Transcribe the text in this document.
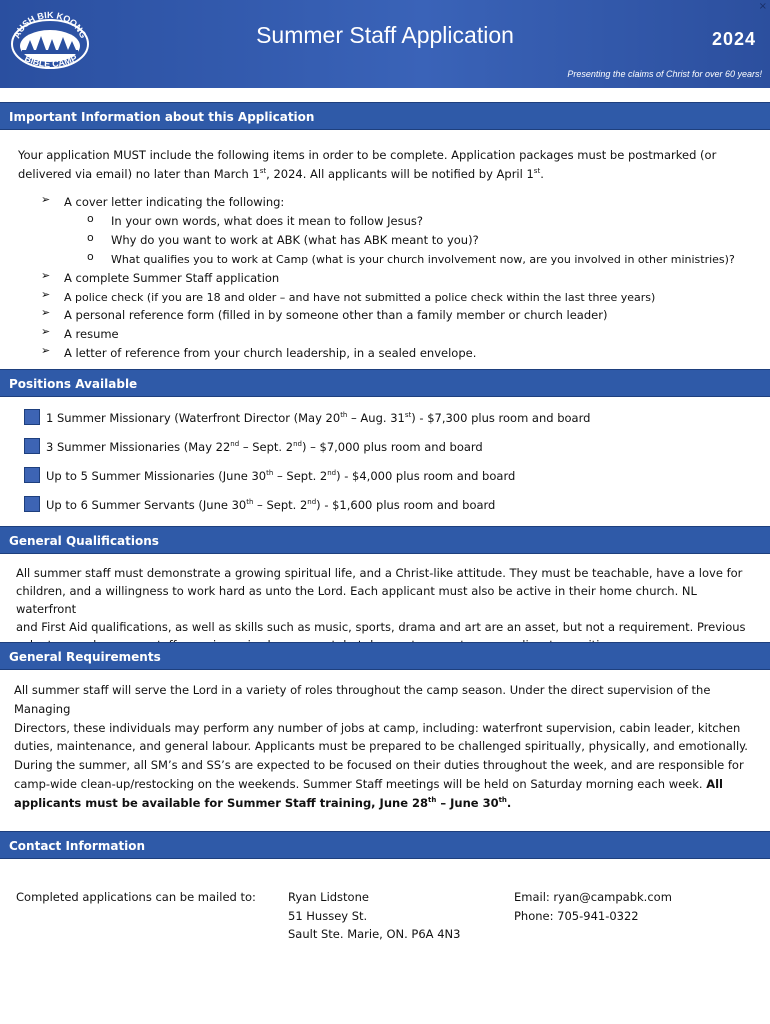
AUSH BIK KOONG
BIBLE CAMP
Summer Staff Application	2024
Presenting the claims of Christ for over 60 years!
×
Important Information about this Application
Your application MUST include the following items in order to be complete. Application packages must be postmarked (or
delivered via email) no later than March 1st, 2024. All applicants will be notified by April 1st.
➢ A cover letter indicating the following:
o In your own words, what does it mean to follow Jesus?
o Why do you want to work at ABK (what has ABK meant to you)?
o What qualifies you to work at Camp (what is your church involvement now, are you involved in other ministries)?
➢ A complete Summer Staff application
➢ A police check (if you are 18 and older – and have not submitted a police check within the last three years)
➢ A personal reference form (filled in by someone other than a family member or church leader)
➢ A resume
➢ A letter of reference from your church leadership, in a sealed envelope.
Positions Available
1 Summer Missionary (Waterfront Director (May 20th – Aug. 31st) - $7,300 plus room and board
3 Summer Missionaries (May 22nd – Sept. 2nd) – $7,000 plus room and board
Up to 5 Summer Missionaries (June 30th – Sept. 2nd) - $4,000 plus room and board
Up to 6 Summer Servants (June 30th – Sept. 2nd) - $1,600 plus room and board
General Qualifications
All summer staff must demonstrate a growing spiritual life, and a Christ-like attitude. They must be teachable, have a love for
children, and a willingness to work hard as unto the Lord. Each applicant must also be active in their home church. NL waterfront
and First Aid qualifications, as well as skills such as music, sports, drama and art are an asset, but not a requirement. Previous
General Requirements
All summer staff will serve the Lord in a variety of roles throughout the camp season. Under the direct supervision of the Managing
Directors, these individuals may perform any number of jobs at camp, including: waterfront supervision, cabin leader, kitchen
duties, maintenance, and general labour. Applicants must be prepared to be challenged spiritually, physically, and emotionally.
During the summer, all SM’s and SS’s are expected to be focused on their duties throughout the week, and are responsible for
camp-wide clean-up/restocking on the weekends. Summer Staff meetings will be held on Saturday morning each week. All
applicants must be available for Summer Staff training, June 28th – June 30th.
Contact Information
Completed applications can be mailed to:	Ryan Lidstone
51 Hussey St.
Sault Ste. Marie, ON. P6A 4N3
Email: ryan@campabk.com
Phone: 705-941-0322
